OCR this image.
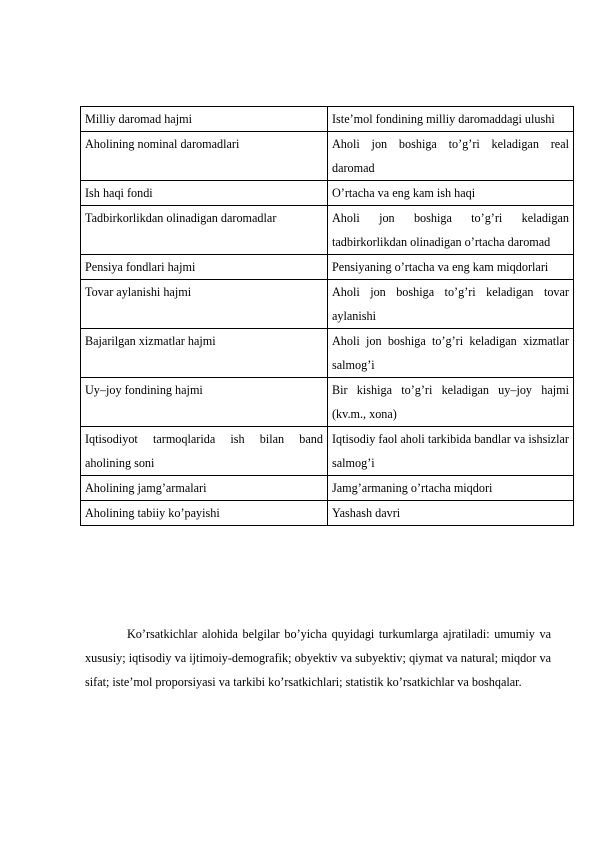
Milliy daromad hajmi	Iste’mol fondining milliy daromaddagi ulushi
Aholining nominal daromadlari	Aholi jon boshiga to’g’ri keladigan real daromad
Ish haqi fondi	O’rtacha va eng kam ish haqi
Tadbirkorlikdan olinadigan daromadlar	Aholi jon boshiga to’g’ri keladigan tadbirkorlikdan olinadigan o’rtacha daromad
Pensiya fondlari hajmi	Pensiyaning o’rtacha va eng kam miqdorlari
Tovar aylanishi hajmi	Aholi jon boshiga to’g’ri keladigan tovar aylanishi
Bajarilgan xizmatlar hajmi	Aholi jon boshiga to’g’ri keladigan xizmatlar salmog’i
Uy–joy fondining hajmi	Bir kishiga to’g’ri keladigan uy–joy hajmi (kv.m., xona)
Iqtisodiyot tarmoqlarida ish bilan band aholining soni	Iqtisodiy faol aholi tarkibida bandlar va ishsizlar salmog’i
Aholining jamg’armalari	Jamg’armaning o’rtacha miqdori
Aholining tabiiy ko’payishi	Yashash davri

Ko’rsatkichlar alohida belgilar bo’yicha quyidagi turkumlarga ajratiladi: umumiy va xususiy; iqtisodiy va ijtimoiy-demografik; obyektiv va subyektiv; qiymat va natural; miqdor va sifat; iste’mol proporsiyasi va tarkibi ko’rsatkichlari; statistik ko’rsatkichlar va boshqalar.
